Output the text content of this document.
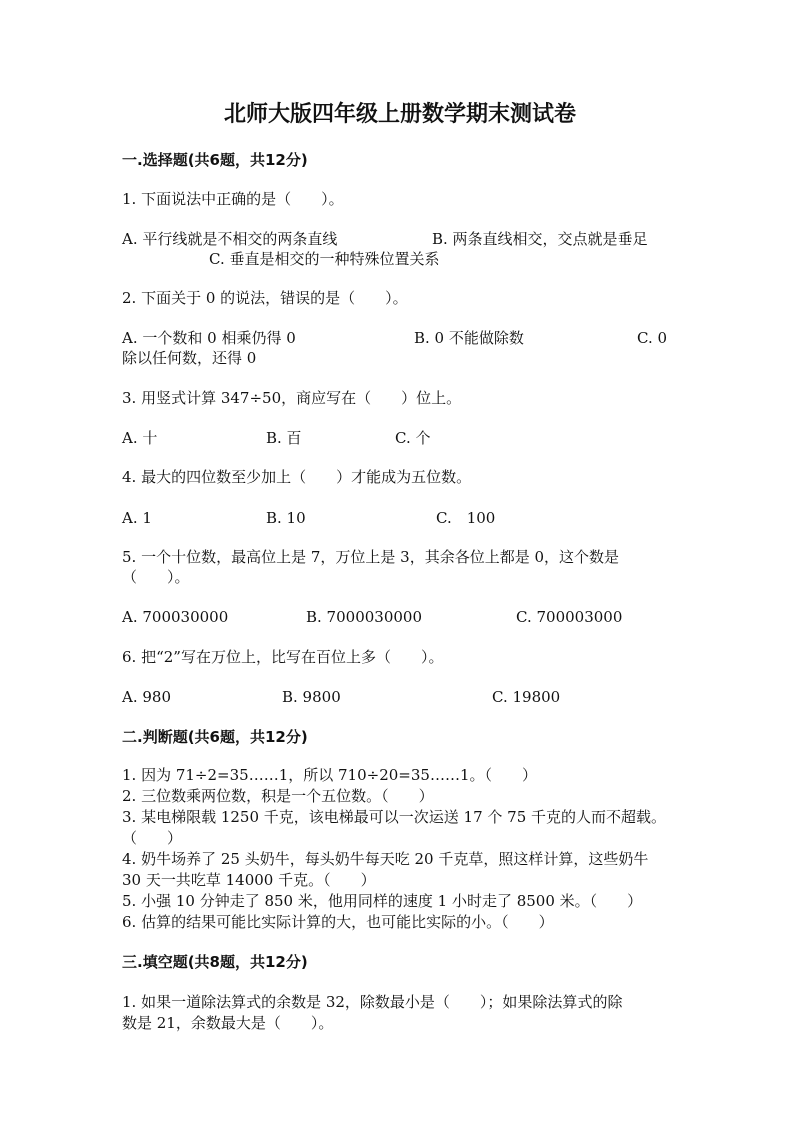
北师大版四年级上册数学期末测试卷
一.选择题(共6题，共12分)
1. 下面说法中正确的是（　　）。
A. 平行线就是不相交的两条直线	B. 两条直线相交，交点就是垂足
C. 垂直是相交的一种特殊位置关系
2. 下面关于 0 的说法，错误的是（　　）。
A. 一个数和 0 相乘仍得 0	B. 0 不能做除数	C. 0
除以任何数，还得 0
3. 用竖式计算 347÷50，商应写在（　　）位上。
A. 十	B. 百	C. 个
4. 最大的四位数至少加上（　　）才能成为五位数。
A. 1	B. 10	C.　100
5. 一个十位数，最高位上是 7，万位上是 3，其余各位上都是 0，这个数是
（　　）。
A. 700030000	B. 7000030000	C. 700003000
6. 把“2”写在万位上，比写在百位上多（　　）。
A. 980	B. 9800	C. 19800
二.判断题(共6题，共12分)
1. 因为 71÷2=35……1，所以 710÷20=35……1。（　　）
2. 三位数乘两位数，积是一个五位数。（　　）
3. 某电梯限载 1250 千克，该电梯最可以一次运送 17 个 75 千克的人而不超载。
（　　）
4. 奶牛场养了 25 头奶牛，每头奶牛每天吃 20 千克草，照这样计算，这些奶牛
30 天一共吃草 14000 千克。（　　）
5. 小强 10 分钟走了 850 米，他用同样的速度 1 小时走了 8500 米。（　　）
6. 估算的结果可能比实际计算的大，也可能比实际的小。（　　）
三.填空题(共8题，共12分)
1. 如果一道除法算式的余数是 32，除数最小是（　　）；如果除法算式的除
数是 21，余数最大是（　　）。
